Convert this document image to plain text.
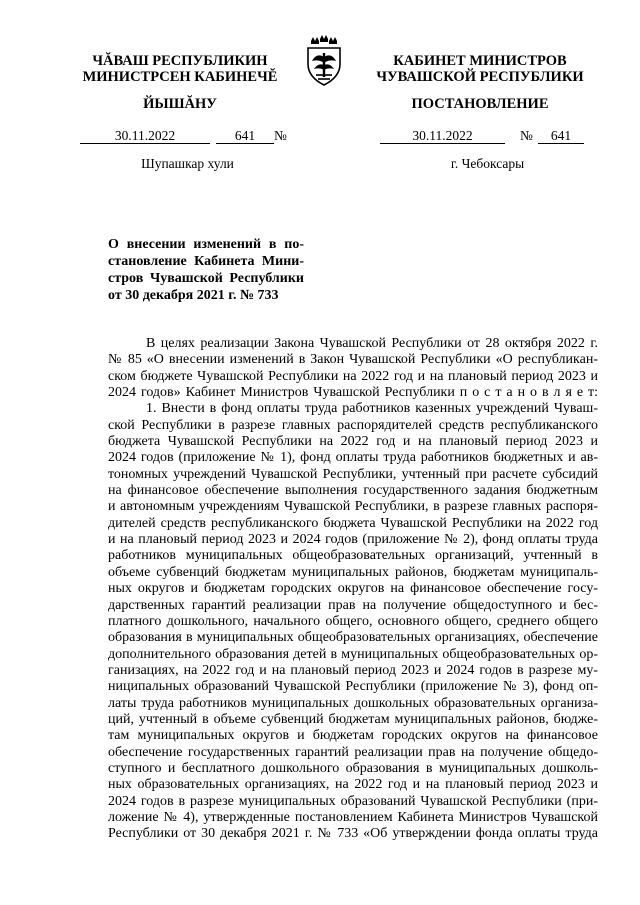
ЧĂВАШ РЕСПУБЛИКИН
МИНИСТРСЕН КАБИНЕЧĔ
КАБИНЕТ МИНИСТРОВ
ЧУВАШСКОЙ РЕСПУБЛИКИ
ЙЫШĂНУ	ПОСТАНОВЛЕНИЕ
30.11.2022	641	№	30.11.2022	№	641
Шупашкар хули	г. Чебоксары
О внесении изменений в по-
становление Кабинета Мини-
стров Чувашской Республики
от 30 декабря 2021 г. № 733
В целях реализации Закона Чувашской Республики от 28 октября 2022 г.
№ 85 «О внесении изменений в Закон Чувашской Республики «О республикан-
ском бюджете Чувашской Республики на 2022 год и на плановый период 2023 и
2024 годов» Кабинет Министров Чувашской Республики п о с т а н о в л я е т:
1. Внести в фонд оплаты труда работников казенных учреждений Чуваш-
ской Республики в разрезе главных распорядителей средств республиканского
бюджета Чувашской Республики на 2022 год и на плановый период 2023 и
2024 годов (приложение № 1), фонд оплаты труда работников бюджетных и ав-
тономных учреждений Чувашской Республики, учтенный при расчете субсидий
на финансовое обеспечение выполнения государственного задания бюджетным
и автономным учреждениям Чувашской Республики, в разрезе главных распоря-
дителей средств республиканского бюджета Чувашской Республики на 2022 год
и на плановый период 2023 и 2024 годов (приложение № 2), фонд оплаты труда
работников муниципальных общеобразовательных организаций, учтенный в
объеме субвенций бюджетам муниципальных районов, бюджетам муниципаль-
ных округов и бюджетам городских округов на финансовое обеспечение госу-
дарственных гарантий реализации прав на получение общедоступного и бес-
платного дошкольного, начального общего, основного общего, среднего общего
образования в муниципальных общеобразовательных организациях, обеспечение
дополнительного образования детей в муниципальных общеобразовательных ор-
ганизациях, на 2022 год и на плановый период 2023 и 2024 годов в разрезе му-
ниципальных образований Чувашской Республики (приложение № 3), фонд оп-
латы труда работников муниципальных дошкольных образовательных организа-
ций, учтенный в объеме субвенций бюджетам муниципальных районов, бюдже-
там муниципальных округов и бюджетам городских округов на финансовое
обеспечение государственных гарантий реализации прав на получение общедо-
ступного и бесплатного дошкольного образования в муниципальных дошколь-
ных образовательных организациях, на 2022 год и на плановый период 2023 и
2024 годов в разрезе муниципальных образований Чувашской Республики (при-
ложение № 4), утвержденные постановлением Кабинета Министров Чувашской
Республики от 30 декабря 2021 г. № 733 «Об утверждении фонда оплаты труда
